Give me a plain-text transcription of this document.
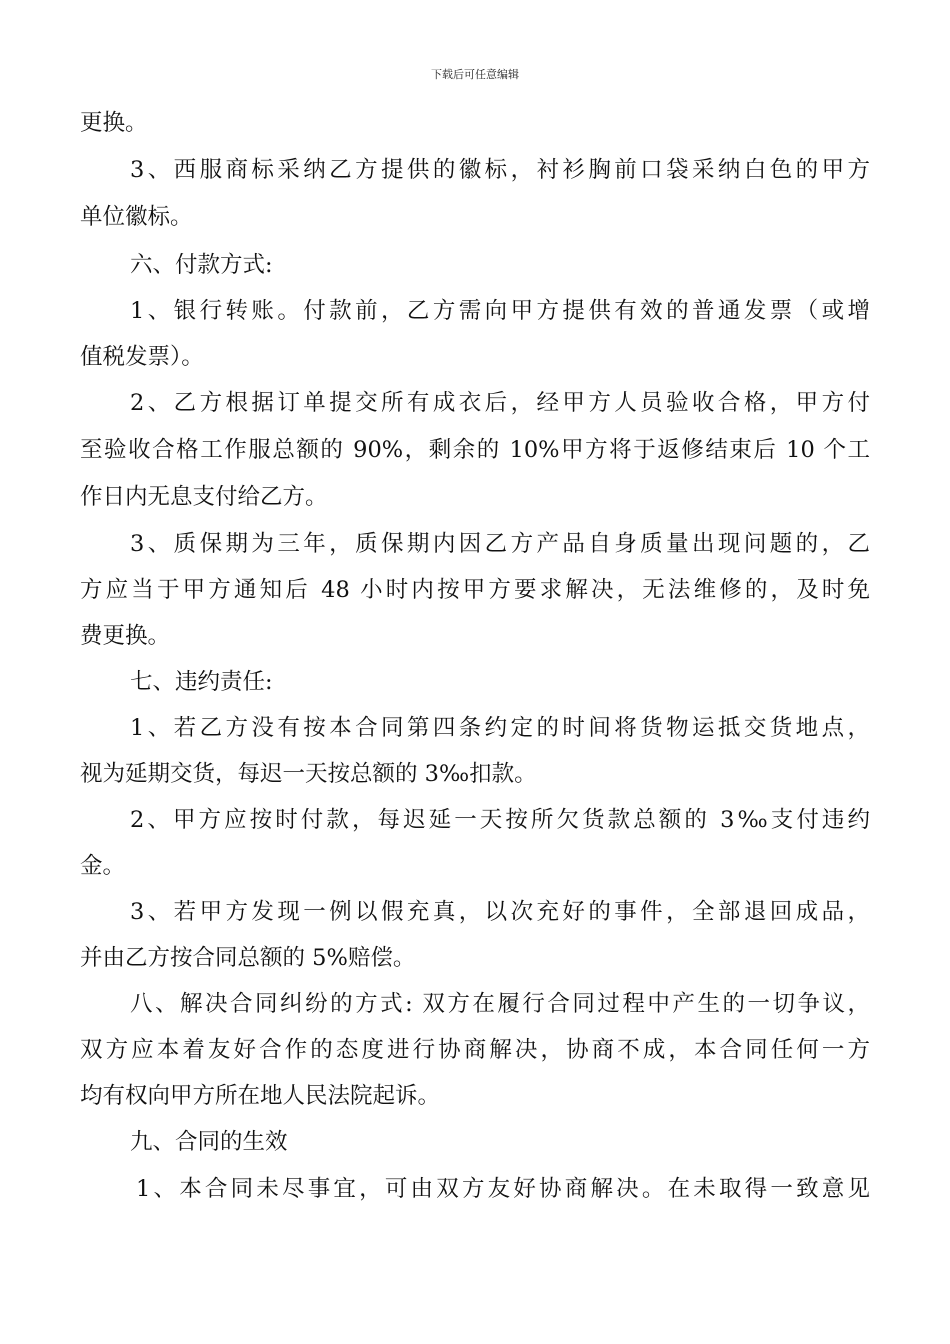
下载后可任意编辑
更换。
3、西服商标采纳乙方提供的徽标，衬衫胸前口袋采纳白色的甲方
单位徽标。
六、付款方式:
1、银行转账。付款前，乙方需向甲方提供有效的普通发票（或增
值税发票）。
2、乙方根据订单提交所有成衣后，经甲方人员验收合格，甲方付
至验收合格工作服总额的 90%，剩余的 10%甲方将于返修结束后 10 个工
作日内无息支付给乙方。
3、质保期为三年，质保期内因乙方产品自身质量出现问题的，乙
方应当于甲方通知后 48 小时内按甲方要求解决，无法维修的，及时免
费更换。
七、违约责任:
1、若乙方没有按本合同第四条约定的时间将货物运抵交货地点，
视为延期交货，每迟一天按总额的 3‰扣款。
2、甲方应按时付款，每迟延一天按所欠货款总额的 3‰支付违约
金。
3、若甲方发现一例以假充真，以次充好的事件，全部退回成品，
并由乙方按合同总额的 5%赔偿。
八、解决合同纠纷的方式: 双方在履行合同过程中产生的一切争议，
双方应本着友好合作的态度进行协商解决，协商不成，本合同任何一方
均有权向甲方所在地人民法院起诉。
九、合同的生效
1、本合同未尽事宜，可由双方友好协商解决。在未取得一致意见
